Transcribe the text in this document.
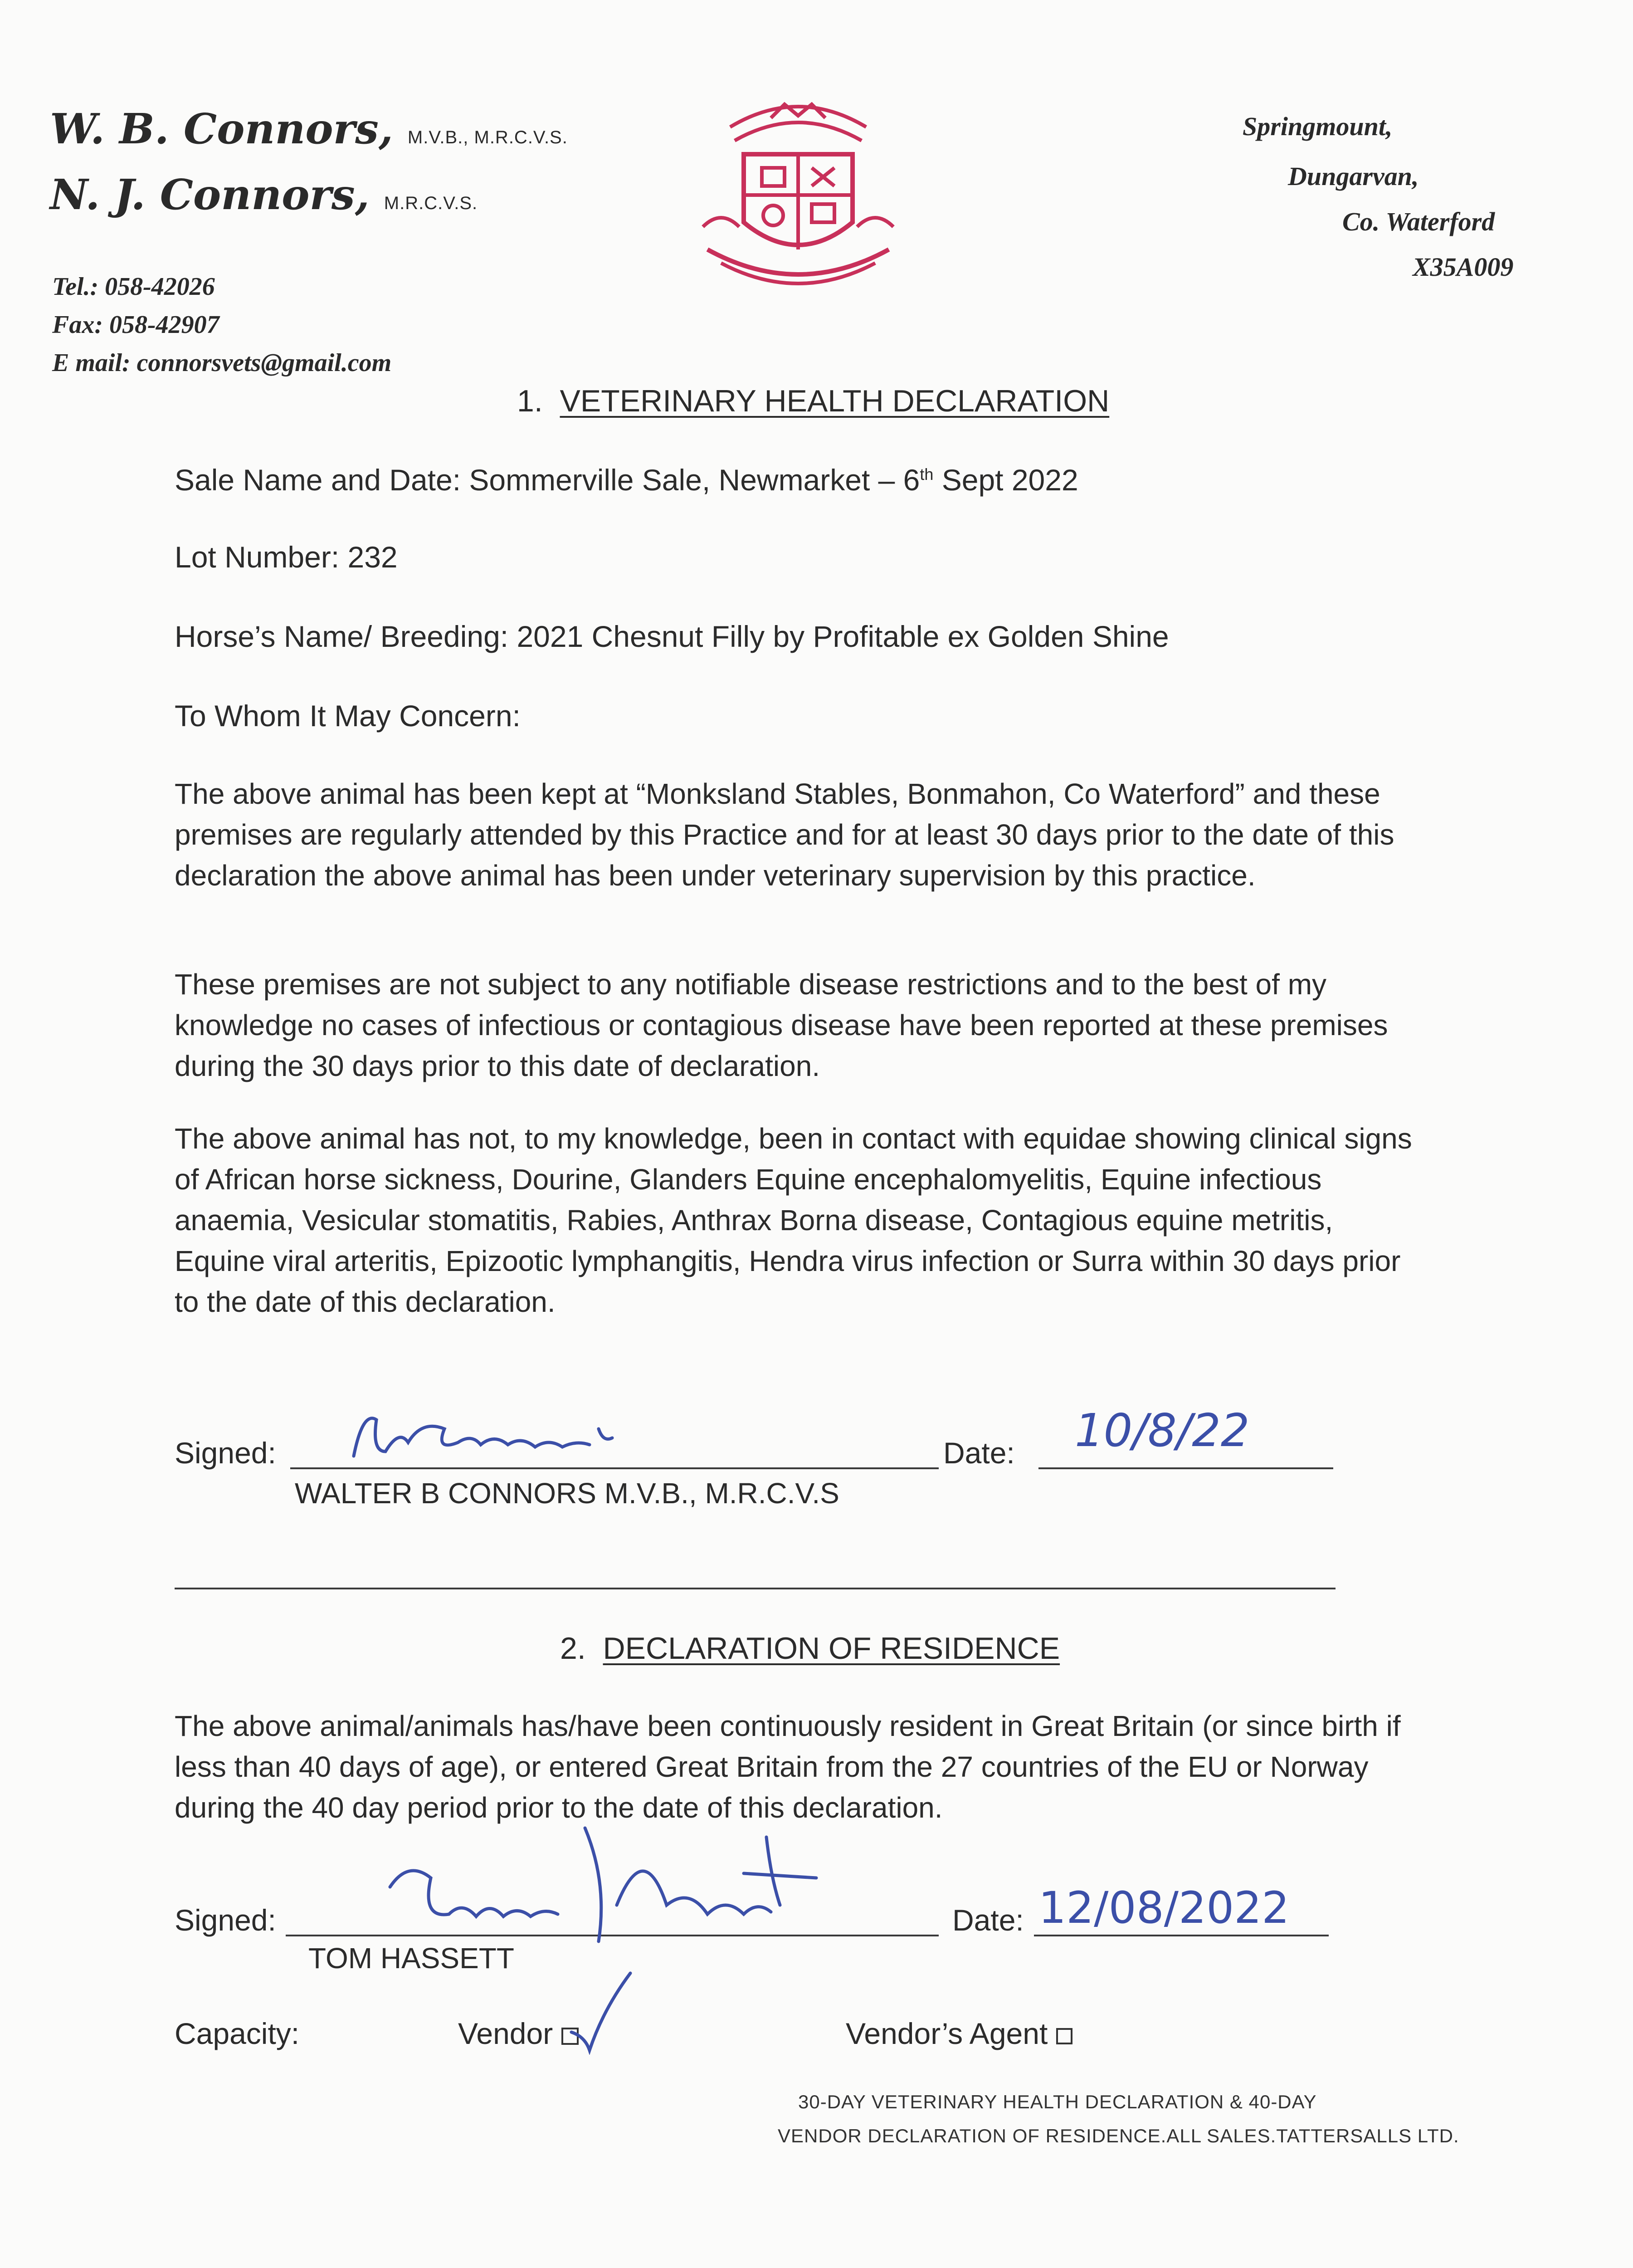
W. B. Connors, M.V.B., M.R.C.V.S.
N. J. Connors, M.R.C.V.S.
Tel.: 058-42026
Fax: 058-42907
E mail: connorsvets@gmail.com
Springmount,
Dungarvan,
Co. Waterford
X35A009
1. VETERINARY HEALTH DECLARATION
Sale Name and Date: Sommerville Sale, Newmarket – 6th Sept 2022
Lot Number: 232
Horse’s Name/ Breeding: 2021 Chesnut Filly by Profitable ex Golden Shine
To Whom It May Concern:
The above animal has been kept at “Monksland Stables, Bonmahon, Co Waterford” and these premises are regularly attended by this Practice and for at least 30 days prior to the date of this declaration the above animal has been under veterinary supervision by this practice.
These premises are not subject to any notifiable disease restrictions and to the best of my knowledge no cases of infectious or contagious disease have been reported at these premises during the 30 days prior to this date of declaration.
The above animal has not, to my knowledge, been in contact with equidae showing clinical signs of African horse sickness, Dourine, Glanders Equine encephalomyelitis, Equine infectious anaemia, Vesicular stomatitis, Rabies, Anthrax Borna disease, Contagious equine metritis, Equine viral arteritis, Epizootic lymphangitis, Hendra virus infection or Surra within 30 days prior to the date of this declaration.
Signed:	Date: 10/8/22
WALTER B CONNORS M.V.B., M.R.C.V.S
2. DECLARATION OF RESIDENCE
The above animal/animals has/have been continuously resident in Great Britain (or since birth if less than 40 days of age), or entered Great Britain from the 27 countries of the EU or Norway during the 40 day period prior to the date of this declaration.
Signed:	Date: 12/08/2022
TOM HASSETT
Capacity:	Vendor	Vendor’s Agent
30-DAY VETERINARY HEALTH DECLARATION & 40-DAY
VENDOR DECLARATION OF RESIDENCE.ALL SALES.TATTERSALLS LTD.
